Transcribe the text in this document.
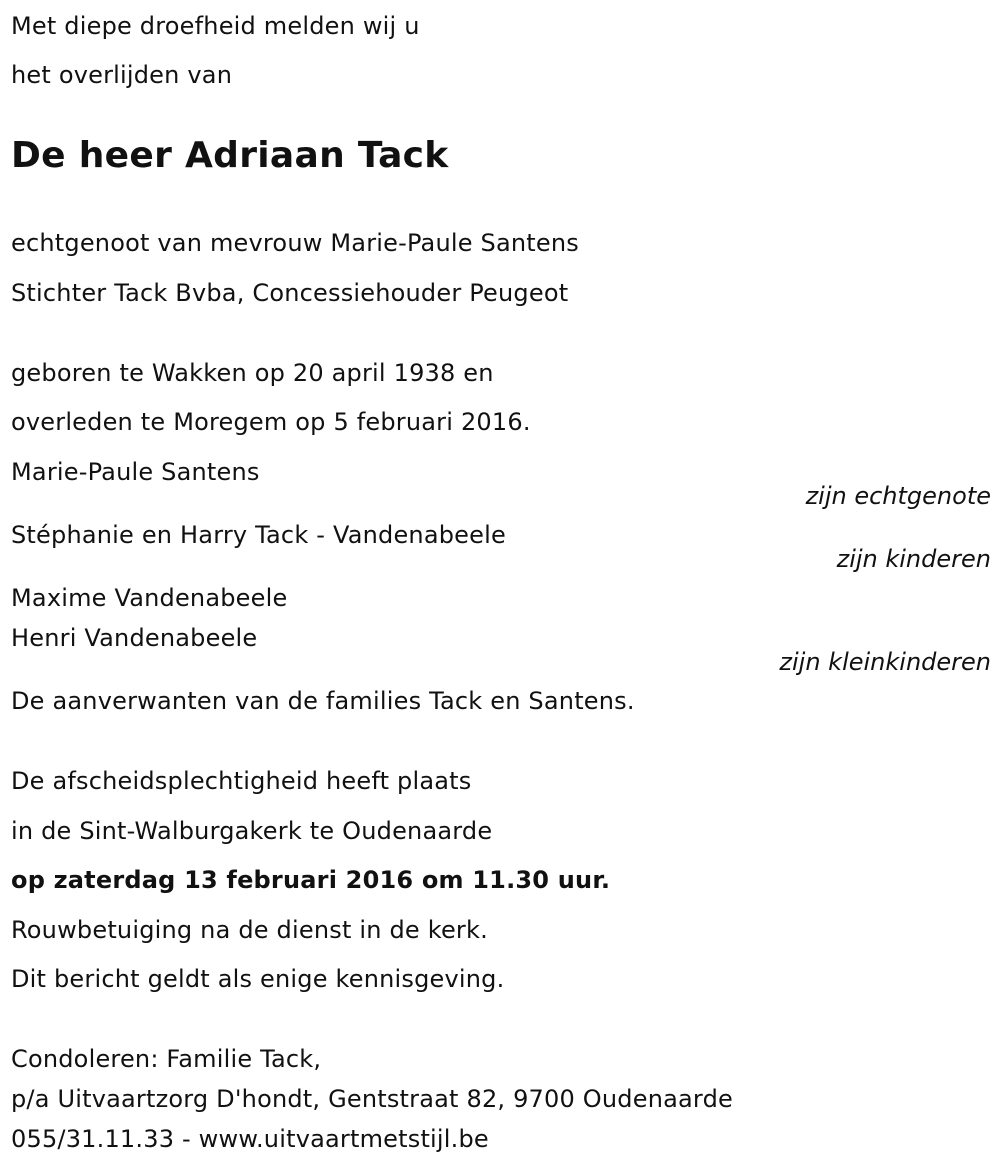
Met diepe droefheid melden wij u
het overlijden van
De heer Adriaan Tack
echtgenoot van mevrouw Marie-Paule Santens
Stichter Tack Bvba, Concessiehouder Peugeot
geboren te Wakken op 20 april 1938 en
overleden te Moregem op 5 februari 2016.
Marie-Paule Santens
zijn echtgenote
Stéphanie en Harry Tack - Vandenabeele
zijn kinderen
Maxime Vandenabeele
Henri Vandenabeele
zijn kleinkinderen
De aanverwanten van de families Tack en Santens.
De afscheidsplechtigheid heeft plaats
in de Sint-Walburgakerk te Oudenaarde
op zaterdag 13 februari 2016 om 11.30 uur.
Rouwbetuiging na de dienst in de kerk.
Dit bericht geldt als enige kennisgeving.
Condoleren: Familie Tack,
p/a Uitvaartzorg D'hondt, Gentstraat 82, 9700 Oudenaarde
055/31.11.33 - www.uitvaartmetstijl.be
